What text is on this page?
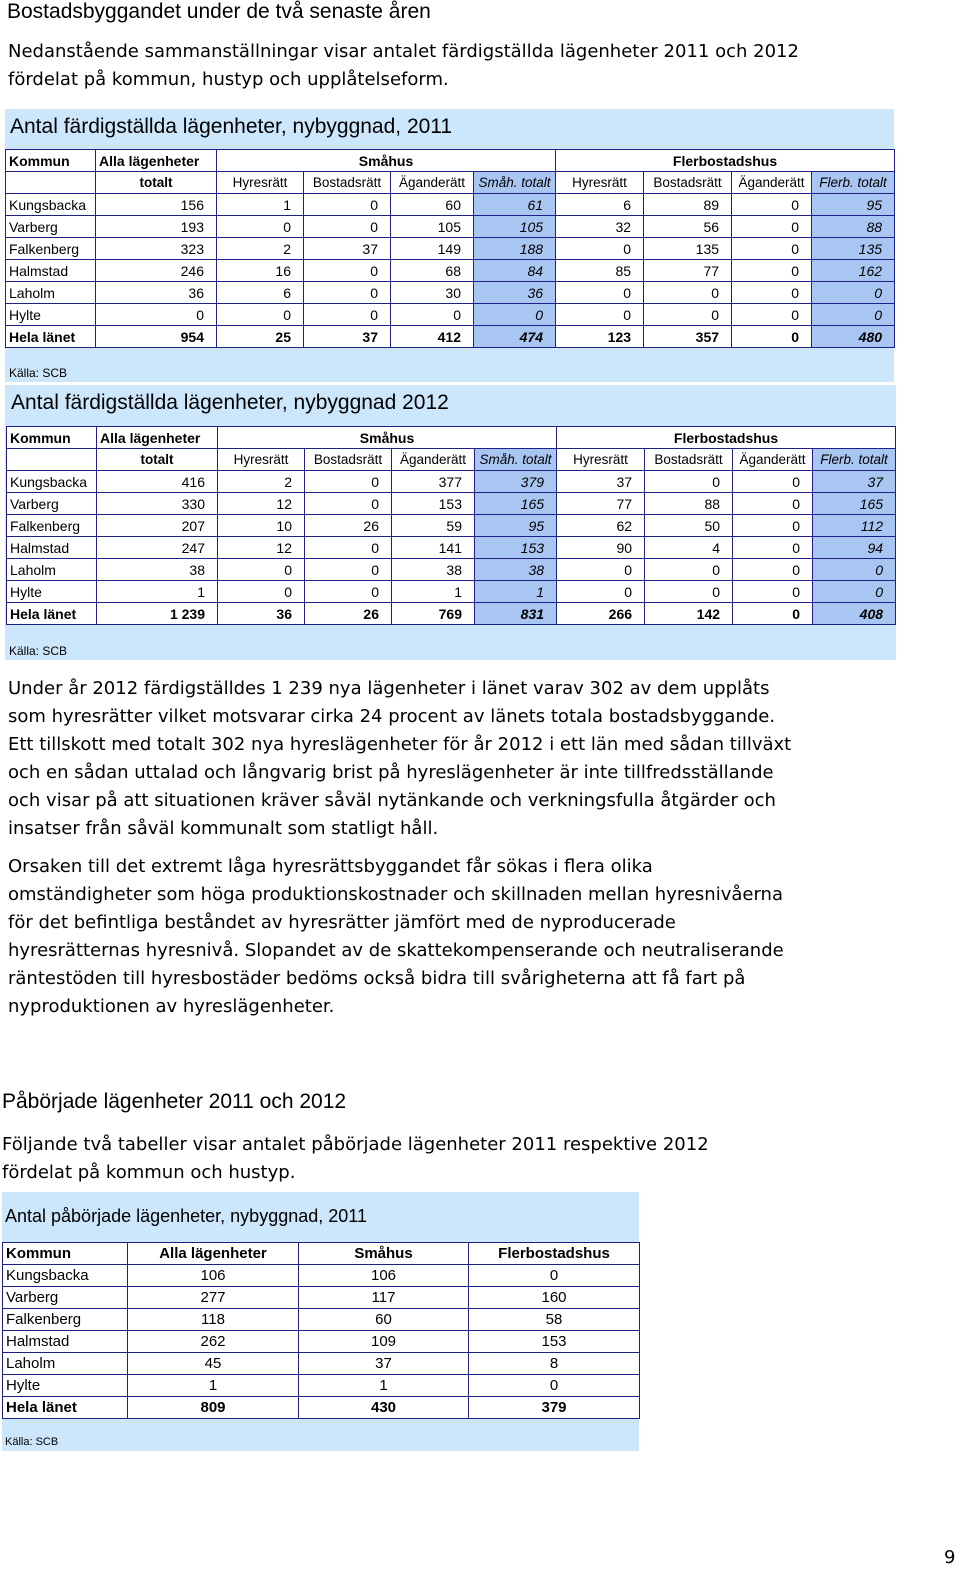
Bostadsbyggandet under de två senaste åren
Nedanstående sammanställningar visar antalet färdigställda lägenheter 2011 och 2012
fördelat på kommun, hustyp och upplåtelseform.
Antal färdigställda lägenheter, nybyggnad, 2011
Kommun	Alla lägenheter	Småhus				Flerbostadshus			
	totalt	Hyresrätt	Bostadsrätt	Äganderätt	Småh. totalt	Hyresrätt	Bostadsrätt	Äganderätt	Flerb. totalt
Kungsbacka	156	1	0	60	61	6	89	0	95
Varberg	193	0	0	105	105	32	56	0	88
Falkenberg	323	2	37	149	188	0	135	0	135
Halmstad	246	16	0	68	84	85	77	0	162
Laholm	36	6	0	30	36	0	0	0	0
Hylte	0	0	0	0	0	0	0	0	0
Hela länet	954	25	37	412	474	123	357	0	480
Källa: SCB
Antal färdigställda lägenheter, nybyggnad 2012
Kommun	Alla lägenheter	Småhus				Flerbostadshus			
	totalt	Hyresrätt	Bostadsrätt	Äganderätt	Småh. totalt	Hyresrätt	Bostadsrätt	Äganderätt	Flerb. totalt
Kungsbacka	416	2	0	377	379	37	0	0	37
Varberg	330	12	0	153	165	77	88	0	165
Falkenberg	207	10	26	59	95	62	50	0	112
Halmstad	247	12	0	141	153	90	4	0	94
Laholm	38	0	0	38	38	0	0	0	0
Hylte	1	0	0	1	1	0	0	0	0
Hela länet	1 239	36	26	769	831	266	142	0	408
Källa: SCB
Under år 2012 färdigställdes 1 239 nya lägenheter i länet varav 302 av dem upplåts
som hyresrätter vilket motsvarar cirka 24 procent av länets totala bostadsbyggande.
Ett tillskott med totalt 302 nya hyreslägenheter för år 2012 i ett län med sådan tillväxt
och en sådan uttalad och långvarig brist på hyreslägenheter är inte tillfredsställande
och visar på att situationen kräver såväl nytänkande och verkningsfulla åtgärder och
insatser från såväl kommunalt som statligt håll.
Orsaken till det extremt låga hyresrättsbyggandet får sökas i flera olika
omständigheter som höga produktionskostnader och skillnaden mellan hyresnivåerna
för det befintliga beståndet av hyresrätter jämfört med de nyproducerade
hyresrätternas hyresnivå. Slopandet av de skattekompenserande och neutraliserande
räntestöden till hyresbostäder bedöms också bidra till svårigheterna att få fart på
nyproduktionen av hyreslägenheter.
Påbörjade lägenheter 2011 och 2012
Följande två tabeller visar antalet påbörjade lägenheter 2011 respektive 2012
fördelat på kommun och hustyp.
Antal påbörjade lägenheter, nybyggnad, 2011
Kommun	Alla lägenheter	Småhus	Flerbostadshus
Kungsbacka	106	106	0
Varberg	277	117	160
Falkenberg	118	60	58
Halmstad	262	109	153
Laholm	45	37	8
Hylte	1	1	0
Hela länet	809	430	379
Källa: SCB
9
